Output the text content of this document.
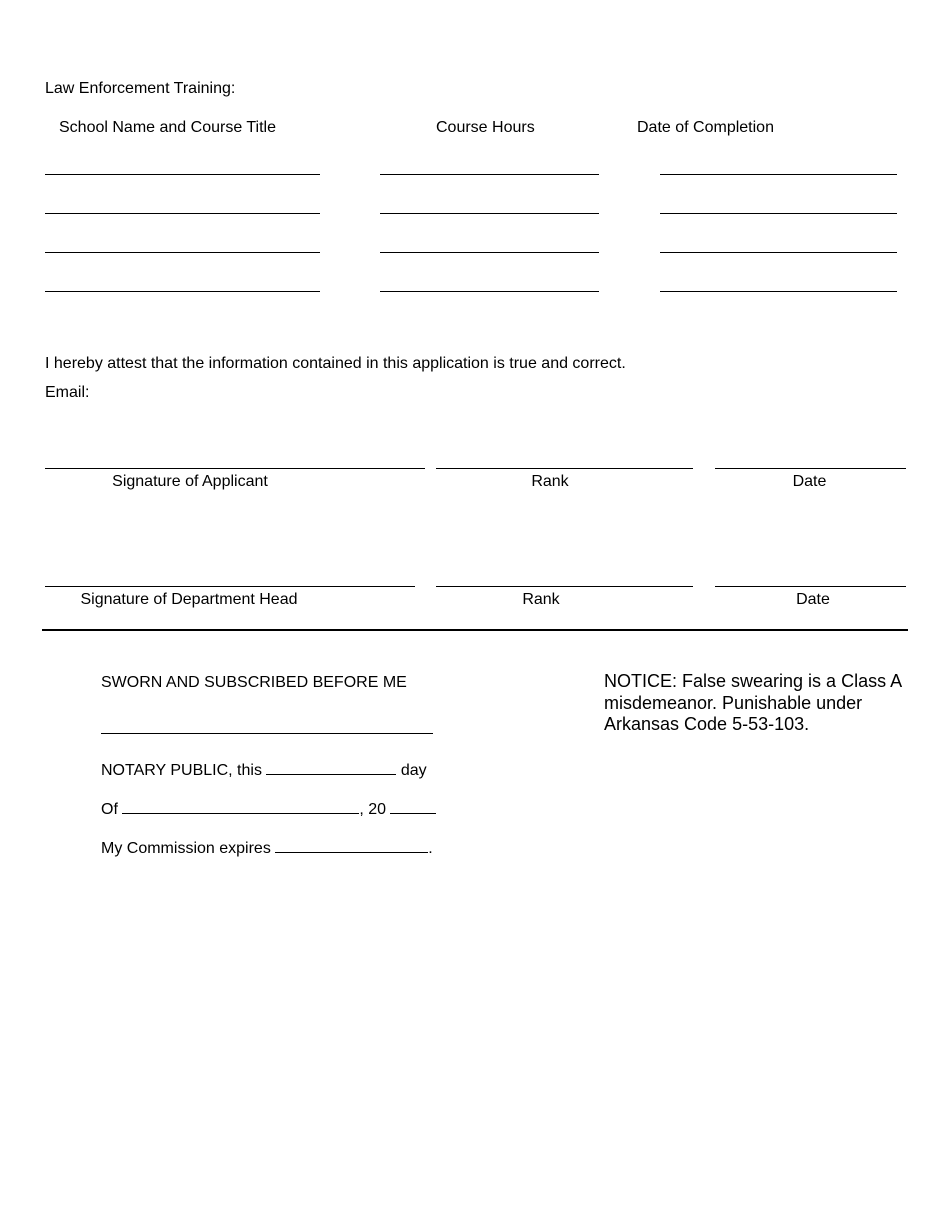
Law Enforcement Training:
School Name and Course Title	Course Hours	Date of Completion
I hereby attest that the information contained in this application is true and correct.
Email:
Signature of Applicant	Rank	Date
Signature of Department Head	Rank	Date
SWORN AND SUBSCRIBED BEFORE ME
NOTARY PUBLIC, this	day
Of	, 20
My Commission expires	.
NOTICE: False swearing is a Class A misdemeanor. Punishable under Arkansas Code 5-53-103.
